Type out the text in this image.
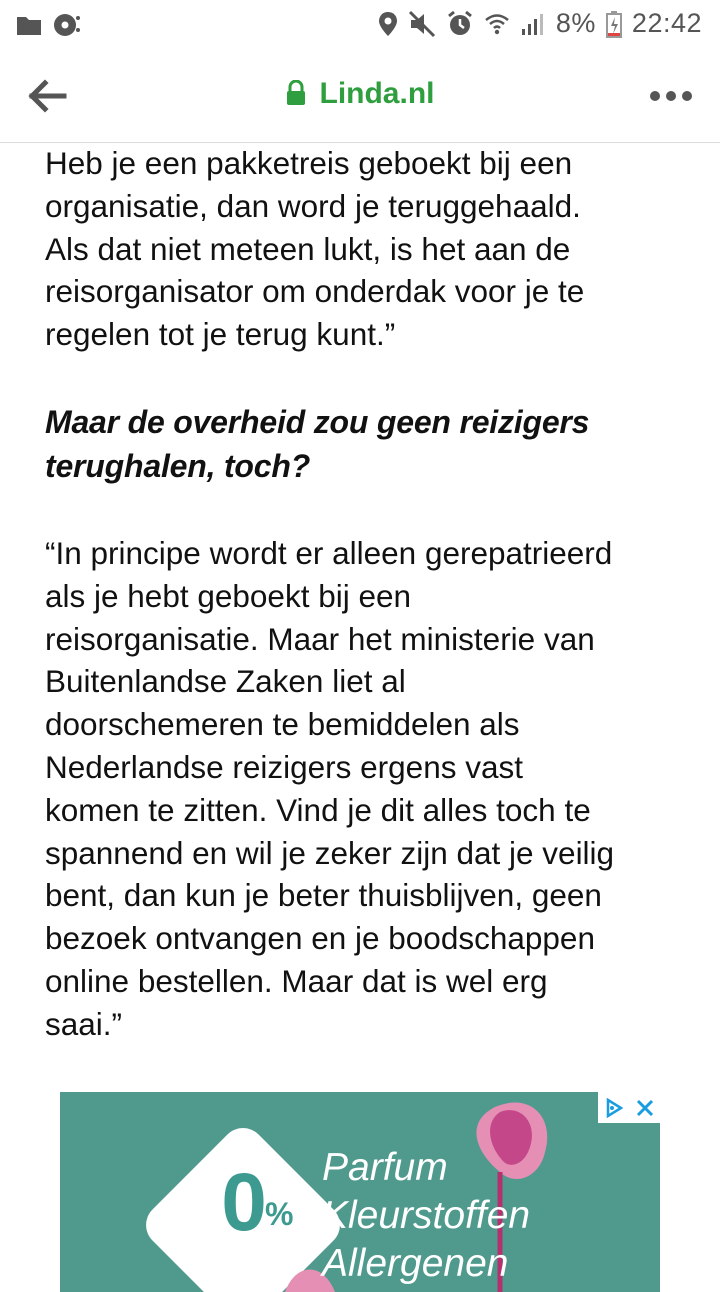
8% 22:42
Linda.nl

Heb je een pakketreis geboekt bij een
organisatie, dan word je teruggehaald.
Als dat niet meteen lukt, is het aan de
reisorganisator om onderdak voor je te
regelen tot je terug kunt.”

Maar de overheid zou geen reizigers
terughalen, toch?

“In principe wordt er alleen gerepatrieerd
als je hebt geboekt bij een
reisorganisatie. Maar het ministerie van
Buitenlandse Zaken liet al
doorschemeren te bemiddelen als
Nederlandse reizigers ergens vast
komen te zitten. Vind je dit alles toch te
spannend en wil je zeker zijn dat je veilig
bent, dan kun je beter thuisblijven, geen
bezoek ontvangen en je boodschappen
online bestellen. Maar dat is wel erg
saai.”

0
%
Parfum
Kleurstoffen
Allergenen
